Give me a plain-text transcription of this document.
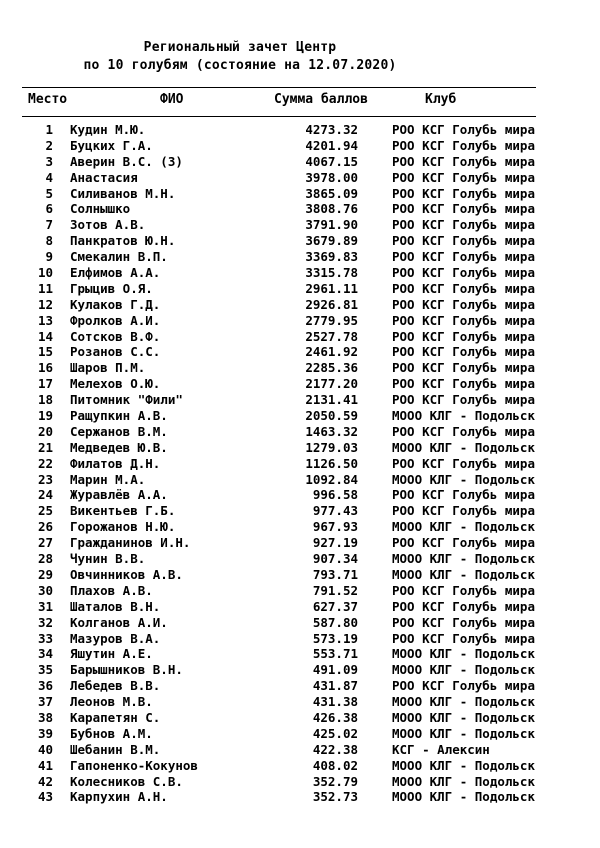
Региональный зачет Центр
по 10 голубям (состояние на 12.07.2020)
Место	ФИО	Сумма баллов	Клуб
1 Кудин М.Ю.	4273.32	РОО КСГ Голубь мира
2 Буцких Г.А.	4201.94	РОО КСГ Голубь мира
3 Аверин В.С. (З)	4067.15	РОО КСГ Голубь мира
4 Анастасия	3978.00	РОО КСГ Голубь мира
5 Силиванов М.Н.	3865.09	РОО КСГ Голубь мира
6 Солнышко	3808.76	РОО КСГ Голубь мира
7 Зотов А.В.	3791.90	РОО КСГ Голубь мира
8 Панкратов Ю.Н.	3679.89	РОО КСГ Голубь мира
9 Смекалин В.П.	3369.83	РОО КСГ Голубь мира
10 Елфимов А.А.	3315.78	РОО КСГ Голубь мира
11 Грыцив О.Я.	2961.11	РОО КСГ Голубь мира
12 Кулаков Г.Д.	2926.81	РОО КСГ Голубь мира
13 Фролков А.И.	2779.95	РОО КСГ Голубь мира
14 Сотсков В.Ф.	2527.78	РОО КСГ Голубь мира
15 Розанов С.С.	2461.92	РОО КСГ Голубь мира
16 Шаров П.М.	2285.36	РОО КСГ Голубь мира
17 Мелехов О.Ю.	2177.20	РОО КСГ Голубь мира
18 Питомник "Фили"	2131.41	РОО КСГ Голубь мира
19 Ращупкин А.В.	2050.59	МООО КЛГ - Подольск
20 Сержанов В.М.	1463.32	РОО КСГ Голубь мира
21 Медведев Ю.В.	1279.03	МООО КЛГ - Подольск
22 Филатов Д.Н.	1126.50	РОО КСГ Голубь мира
23 Марин М.А.	1092.84	МООО КЛГ - Подольск
24 Журавлёв А.А.	996.58	РОО КСГ Голубь мира
25 Викентьев Г.Б.	977.43	РОО КСГ Голубь мира
26 Горожанов Н.Ю.	967.93	МООО КЛГ - Подольск
27 Гражданинов И.Н.	927.19	РОО КСГ Голубь мира
28 Чунин В.В.	907.34	МООО КЛГ - Подольск
29 Овчинников А.В.	793.71	МООО КЛГ - Подольск
30 Плахов А.В.	791.52	РОО КСГ Голубь мира
31 Шаталов В.Н.	627.37	РОО КСГ Голубь мира
32 Колганов А.И.	587.80	РОО КСГ Голубь мира
33 Мазуров В.А.	573.19	РОО КСГ Голубь мира
34 Яшутин А.Е.	553.71	МООО КЛГ - Подольск
35 Барышников В.Н.	491.09	МООО КЛГ - Подольск
36 Лебедев В.В.	431.87	РОО КСГ Голубь мира
37 Леонов М.В.	431.38	МООО КЛГ - Подольск
38 Карапетян С.	426.38	МООО КЛГ - Подольск
39 Бубнов А.М.	425.02	МООО КЛГ - Подольск
40 Шебанин В.М.	422.38	КСГ - Алексин
41 Гапоненко-Кокунов	408.02	МООО КЛГ - Подольск
42 Колесников С.В.	352.79	МООО КЛГ - Подольск
43 Карпухин А.Н.	352.73	МООО КЛГ - Подольск
